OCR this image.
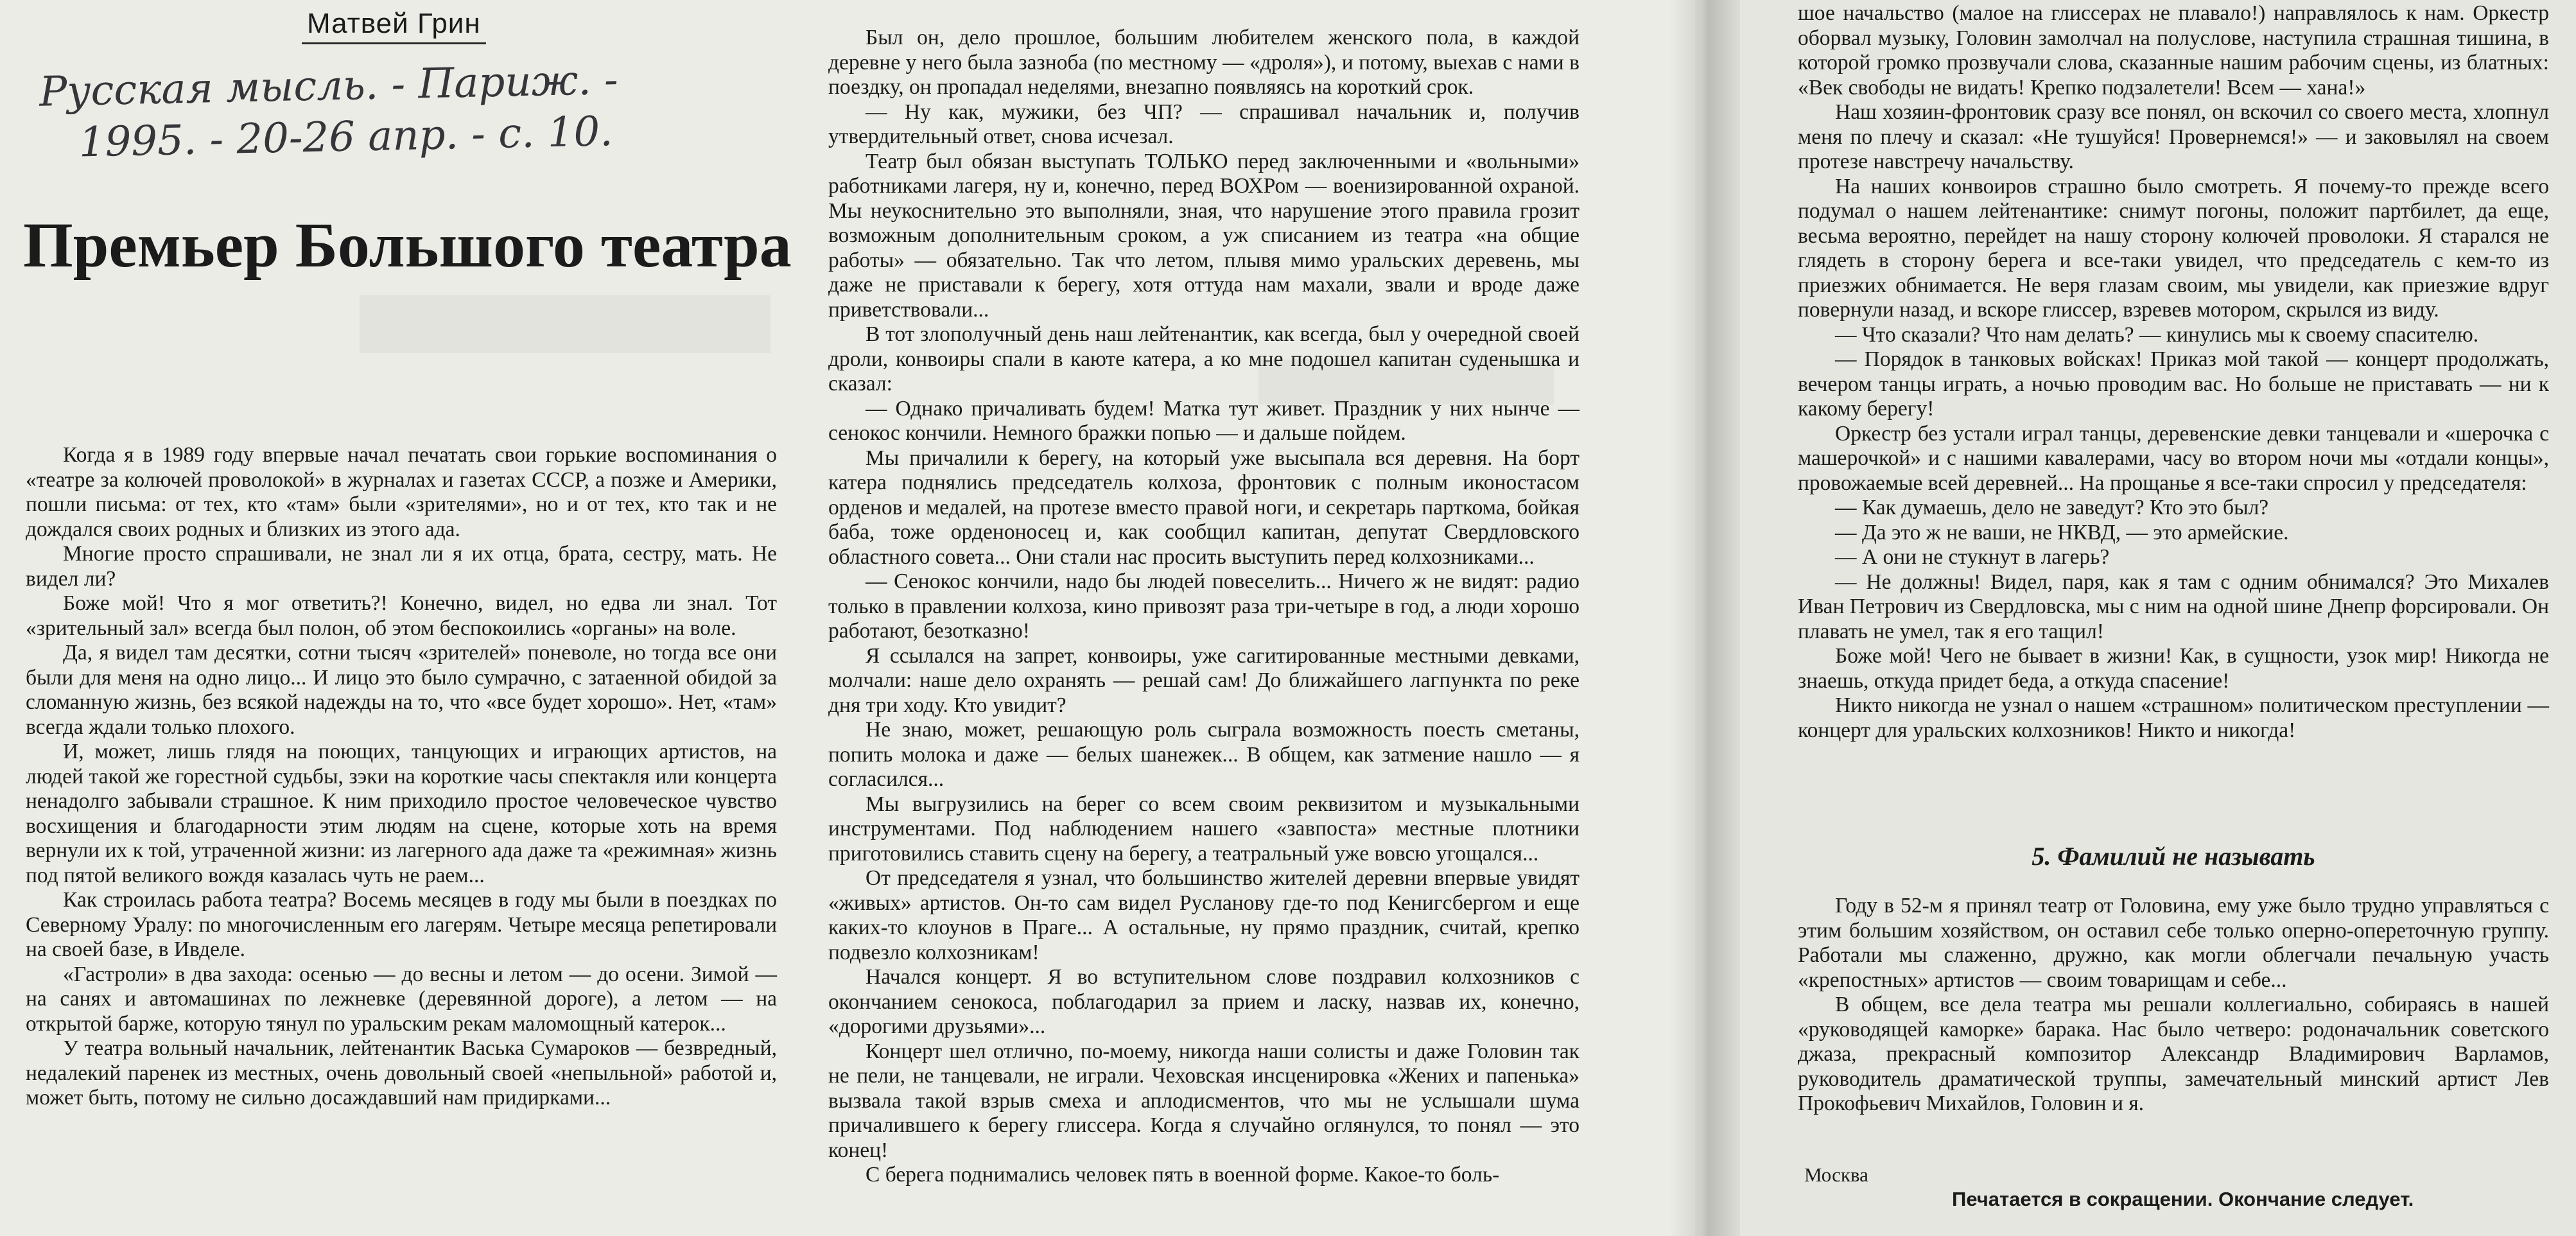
Матвей Грин
Русская мысль. - Париж. -
1995. - 20-26 апр. - с. 10.
Премьер Большого театра

Когда я в 1989 году впервые начал печатать свои горькие воспоминания о «театре за колючей проволокой» в журналах и газетах СССР, а позже и Америки, пошли письма: от тех, кто «там» были «зрителями», но и от тех, кто так и не дождался своих родных и близких из этого ада.

Многие просто спрашивали, не знал ли я их отца, брата, сестру, мать. Не видел ли?

Боже мой! Что я мог ответить?! Конечно, видел, но едва ли знал. Тот «зрительный зал» всегда был полон, об этом беспокоились «органы» на воле.

Да, я видел там десятки, сотни тысяч «зрителей» поневоле, но тогда все они были для меня на одно лицо... И лицо это было сумрачно, с затаенной обидой за сломанную жизнь, без всякой надежды на то, что «все будет хорошо». Нет, «там» всегда ждали только плохого.

И, может, лишь глядя на поющих, танцующих и играющих артистов, на людей такой же горестной судьбы, зэки на короткие часы спектакля или концерта ненадолго забывали страшное. К ним приходило простое человеческое чувство восхищения и благодарности этим людям на сцене, которые хоть на время вернули их к той, утраченной жизни: из лагерного ада даже та «режимная» жизнь под пятой великого вождя казалась чуть не раем...

Как строилась работа театра? Восемь месяцев в году мы были в поездках по Северному Уралу: по многочисленным его лагерям. Четыре месяца репетировали на своей базе, в Ивделе.

«Гастроли» в два захода: осенью — до весны и летом — до осени. Зимой — на санях и автомашинах по лежневке (деревянной дороге), а летом — на открытой барже, которую тянул по уральским рекам маломощный катерок...

У театра вольный начальник, лейтенантик Васька Сумароков — безвредный, недалекий паренек из местных, очень довольный своей «непыльной» работой и, может быть, потому не сильно досаждавший нам придирками...

Был он, дело прошлое, большим любителем женского пола, в каждой деревне у него была зазноба (по местному — «дроля»), и потому, выехав с нами в поездку, он пропадал неделями, внезапно появляясь на короткий срок.

— Ну как, мужики, без ЧП? — спрашивал начальник и, получив утвердительный ответ, снова исчезал.

Театр был обязан выступать ТОЛЬКО перед заключенными и «вольными» работниками лагеря, ну и, конечно, перед ВОХРом — военизированной охраной. Мы неукоснительно это выполняли, зная, что нарушение этого правила грозит возможным дополнительным сроком, а уж списанием из театра «на общие работы» — обязательно. Так что летом, плывя мимо уральских деревень, мы даже не приставали к берегу, хотя оттуда нам махали, звали и вроде даже приветствовали...

В тот злополучный день наш лейтенантик, как всегда, был у очередной своей дроли, конвоиры спали в каюте катера, а ко мне подошел капитан суденышка и сказал:

— Однако причаливать будем! Матка тут живет. Праздник у них нынче — сенокос кончили. Немного бражки попью — и дальше пойдем.

Мы причалили к берегу, на который уже высыпала вся деревня. На борт катера поднялись председатель колхоза, фронтовик с полным иконостасом орденов и медалей, на протезе вместо правой ноги, и секретарь парткома, бойкая баба, тоже орденоносец и, как сообщил капитан, депутат Свердловского областного совета... Они стали нас просить выступить перед колхозниками...

— Сенокос кончили, надо бы людей повеселить... Ничего ж не видят: радио только в правлении колхоза, кино привозят раза три-четыре в год, а люди хорошо работают, безотказно!

Я ссылался на запрет, конвоиры, уже сагитированные местными девками, молчали: наше дело охранять — решай сам! До ближайшего лагпункта по реке дня три ходу. Кто увидит?

Не знаю, может, решающую роль сыграла возможность поесть сметаны, попить молока и даже — белых шанежек... В общем, как затмение нашло — я согласился...

Мы выгрузились на берег со всем своим реквизитом и музыкальными инструментами. Под наблюдением нашего «завпоста» местные плотники приготовились ставить сцену на берегу, а театральный уже вовсю угощался...

От председателя я узнал, что большинство жителей деревни впервые увидят «живых» артистов. Он-то сам видел Русланову где-то под Кенигсбергом и еще каких-то клоунов в Праге... А остальные, ну прямо праздник, считай, крепко подвезло колхозникам!

Начался концерт. Я во вступительном слове поздравил колхозников с окончанием сенокоса, поблагодарил за прием и ласку, назвав их, конечно, «дорогими друзьями»...

Концерт шел отлично, по-моему, никогда наши солисты и даже Головин так не пели, не танцевали, не играли. Чеховская инсценировка «Жених и папенька» вызвала такой взрыв смеха и аплодисментов, что мы не услышали шума причалившего к берегу глиссера. Когда я случайно оглянулся, то понял — это конец!

С берега поднимались человек пять в военной форме. Какое-то боль-

шое начальство (малое на глиссерах не плавало!) направлялось к нам. Оркестр оборвал музыку, Головин замолчал на полуслове, наступила страшная тишина, в которой громко прозвучали слова, сказанные нашим рабочим сцены, из блатных: «Век свободы не видать! Крепко подзалетели! Всем — хана!»

Наш хозяин-фронтовик сразу все понял, он вскочил со своего места, хлопнул меня по плечу и сказал: «Не тушуйся! Провернемся!» — и заковылял на своем протезе навстречу начальству.

На наших конвоиров страшно было смотреть. Я почему-то прежде всего подумал о нашем лейтенантике: снимут погоны, положит партбилет, да еще, весьма вероятно, перейдет на нашу сторону колючей проволоки. Я старался не глядеть в сторону берега и все-таки увидел, что председатель с кем-то из приезжих обнимается. Не веря глазам своим, мы увидели, как приезжие вдруг повернули назад, и вскоре глиссер, взревев мотором, скрылся из виду.

— Что сказали? Что нам делать? — кинулись мы к своему спасителю.

— Порядок в танковых войсках! Приказ мой такой — концерт продолжать, вечером танцы играть, а ночью проводим вас. Но больше не приставать — ни к какому берегу!

Оркестр без устали играл танцы, деревенские девки танцевали и «шерочка с машерочкой» и с нашими кавалерами, часу во втором ночи мы «отдали концы», провожаемые всей деревней... На прощанье я все-таки спросил у председателя:

— Как думаешь, дело не заведут? Кто это был?

— Да это ж не ваши, не НКВД, — это армейские.

— А они не стукнут в лагерь?

— Не должны! Видел, паря, как я там с одним обнимался? Это Михалев Иван Петрович из Свердловска, мы с ним на одной шине Днепр форсировали. Он плавать не умел, так я его тащил!

Боже мой! Чего не бывает в жизни! Как, в сущности, узок мир! Никогда не знаешь, откуда придет беда, а откуда спасение!

Никто никогда не узнал о нашем «страшном» политическом преступлении — концерт для уральских колхозников! Никто и никогда!

5. Фамилий не называть

Году в 52-м я принял театр от Головина, ему уже было трудно управляться с этим большим хозяйством, он оставил себе только оперно-опереточную группу. Работали мы слаженно, дружно, как могли облегчали печальную участь «крепостных» артистов — своим товарищам и себе...

В общем, все дела театра мы решали коллегиально, собираясь в нашей «руководящей каморке» барака. Нас было четверо: родоначальник советского джаза, прекрасный композитор Александр Владимирович Варламов, руководитель драматической труппы, замечательный минский артист Лев Прокофьевич Михайлов, Головин и я.

Москва
Печатается в сокращении. Окончание следует.
